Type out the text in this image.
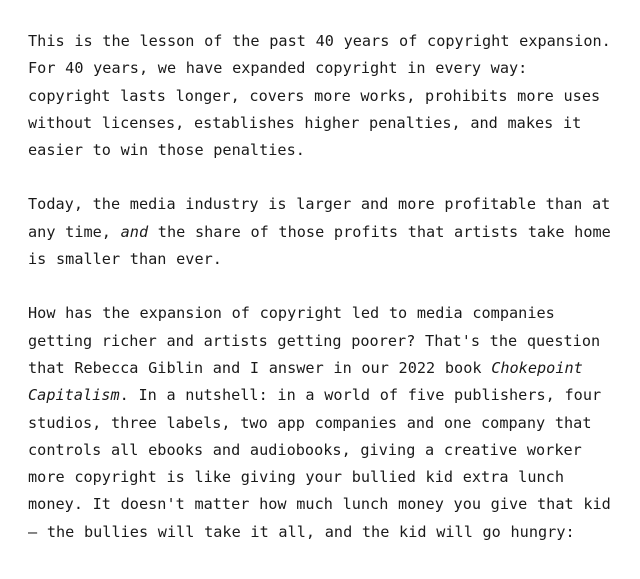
This is the lesson of the past 40 years of copyright expansion. For 40 years, we have expanded copyright in every way: copyright lasts longer, covers more works, prohibits more uses without licenses, establishes higher penalties, and makes it easier to win those penalties.

Today, the media industry is larger and more profitable than at any time, and the share of those profits that artists take home is smaller than ever.

How has the expansion of copyright led to media companies getting richer and artists getting poorer? That's the question that Rebecca Giblin and I answer in our 2022 book Chokepoint Capitalism. In a nutshell: in a world of five publishers, four studios, three labels, two app companies and one company that controls all ebooks and audiobooks, giving a creative worker more copyright is like giving your bullied kid extra lunch money. It doesn't matter how much lunch money you give that kid — the bullies will take it all, and the kid will go hungry:
